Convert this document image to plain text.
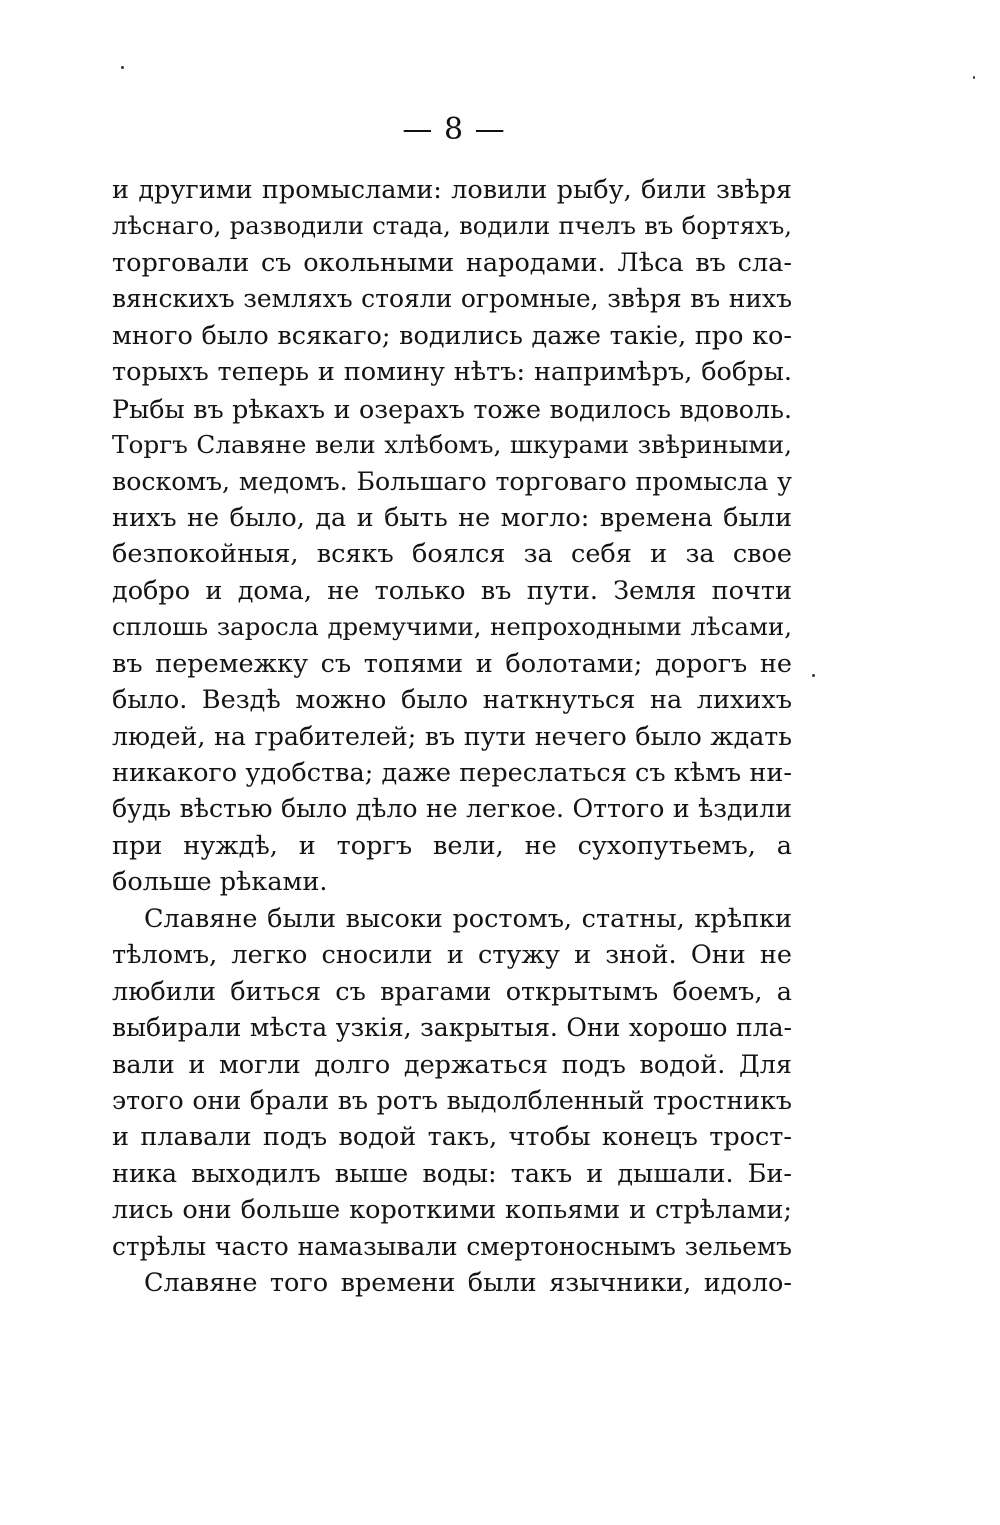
— 8 —
и другими промыслами: ловили рыбу, били звѣря
лѣснаго, разводили стада, водили пчелъ въ бортяхъ,
торговали съ окольными народами. Лѣса въ сла-
вянскихъ земляхъ стояли огромные, звѣря въ нихъ
много было всякаго; водились даже такіе, про ко-
торыхъ теперь и помину нѣтъ: напримѣръ, бобры.
Рыбы въ рѣкахъ и озерахъ тоже водилось вдоволь.
Торгъ Славяне вели хлѣбомъ, шкурами звѣриными,
воскомъ, медомъ. Большаго торговаго промысла у
нихъ не было, да и быть не могло: времена были
безпокойныя, всякъ боялся за себя и за свое
добро и дома, не только въ пути. Земля почти
сплошь заросла дремучими, непроходными лѣсами,
въ перемежку съ топями и болотами; дорогъ не
было. Вездѣ можно было наткнуться на лихихъ
людей, на грабителей; въ пути нечего было ждать
никакого удобства; даже переслаться съ кѣмъ ни-
будь вѣстью было дѣло не легкое. Оттого и ѣздили
при нуждѣ, и торгъ вели, не сухопутьемъ, а
больше рѣками.
Славяне были высоки ростомъ, статны, крѣпки
тѣломъ, легко сносили и стужу и зной. Они не
любили биться съ врагами открытымъ боемъ, а
выбирали мѣста узкія, закрытыя. Они хорошо пла-
вали и могли долго держаться подъ водой. Для
этого они брали въ ротъ выдолбленный тростникъ
и плавали подъ водой такъ, чтобы конецъ трост-
ника выходилъ выше воды: такъ и дышали. Би-
лись они больше короткими копьями и стрѣлами;
стрѣлы часто намазывали смертоноснымъ зельемъ
Славяне того времени были язычники, идоло-
